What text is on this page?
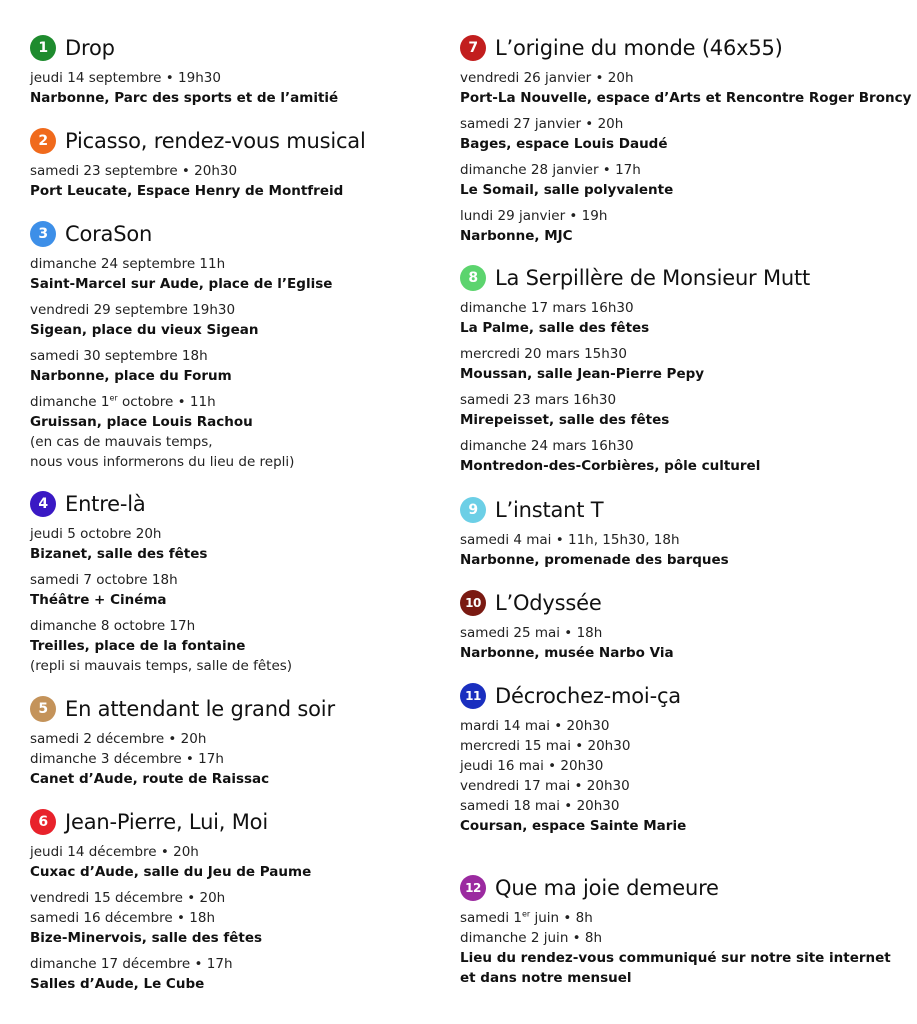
1 Drop
jeudi 14 septembre • 19h30
Narbonne, Parc des sports et de l’amitié
2 Picasso, rendez-vous musical
samedi 23 septembre • 20h30
Port Leucate, Espace Henry de Montfreid
3 CoraSon
dimanche 24 septembre 11h
Saint-Marcel sur Aude, place de l’Eglise
vendredi 29 septembre 19h30
Sigean, place du vieux Sigean
samedi 30 septembre 18h
Narbonne, place du Forum
dimanche 1er octobre • 11h
Gruissan, place Louis Rachou
(en cas de mauvais temps,
nous vous informerons du lieu de repli)
4 Entre-là
jeudi 5 octobre 20h
Bizanet, salle des fêtes
samedi 7 octobre 18h
Théâtre + Cinéma
dimanche 8 octobre 17h
Treilles, place de la fontaine
(repli si mauvais temps, salle de fêtes)
5 En attendant le grand soir
samedi 2 décembre • 20h
dimanche 3 décembre • 17h
Canet d’Aude, route de Raissac
6 Jean-Pierre, Lui, Moi
jeudi 14 décembre • 20h
Cuxac d’Aude, salle du Jeu de Paume
vendredi 15 décembre • 20h
samedi 16 décembre • 18h
Bize-Minervois, salle des fêtes
dimanche 17 décembre • 17h
Salles d’Aude, Le Cube
7 L’origine du monde (46x55)
vendredi 26 janvier • 20h
Port-La Nouvelle, espace d’Arts et Rencontre Roger Broncy
samedi 27 janvier • 20h
Bages, espace Louis Daudé
dimanche 28 janvier • 17h
Le Somail, salle polyvalente
lundi 29 janvier • 19h
Narbonne, MJC
8 La Serpillère de Monsieur Mutt
dimanche 17 mars 16h30
La Palme, salle des fêtes
mercredi 20 mars 15h30
Moussan, salle Jean-Pierre Pepy
samedi 23 mars 16h30
Mirepeisset, salle des fêtes
dimanche 24 mars 16h30
Montredon-des-Corbières, pôle culturel
9 L’instant T
samedi 4 mai • 11h, 15h30, 18h
Narbonne, promenade des barques
10 L’Odyssée
samedi 25 mai • 18h
Narbonne, musée Narbo Via
11 Décrochez-moi-ça
mardi 14 mai • 20h30
mercredi 15 mai • 20h30
jeudi 16 mai • 20h30
vendredi 17 mai • 20h30
samedi 18 mai • 20h30
Coursan, espace Sainte Marie
12 Que ma joie demeure
samedi 1er juin • 8h
dimanche 2 juin • 8h
Lieu du rendez-vous communiqué sur notre site internet
et dans notre mensuel
